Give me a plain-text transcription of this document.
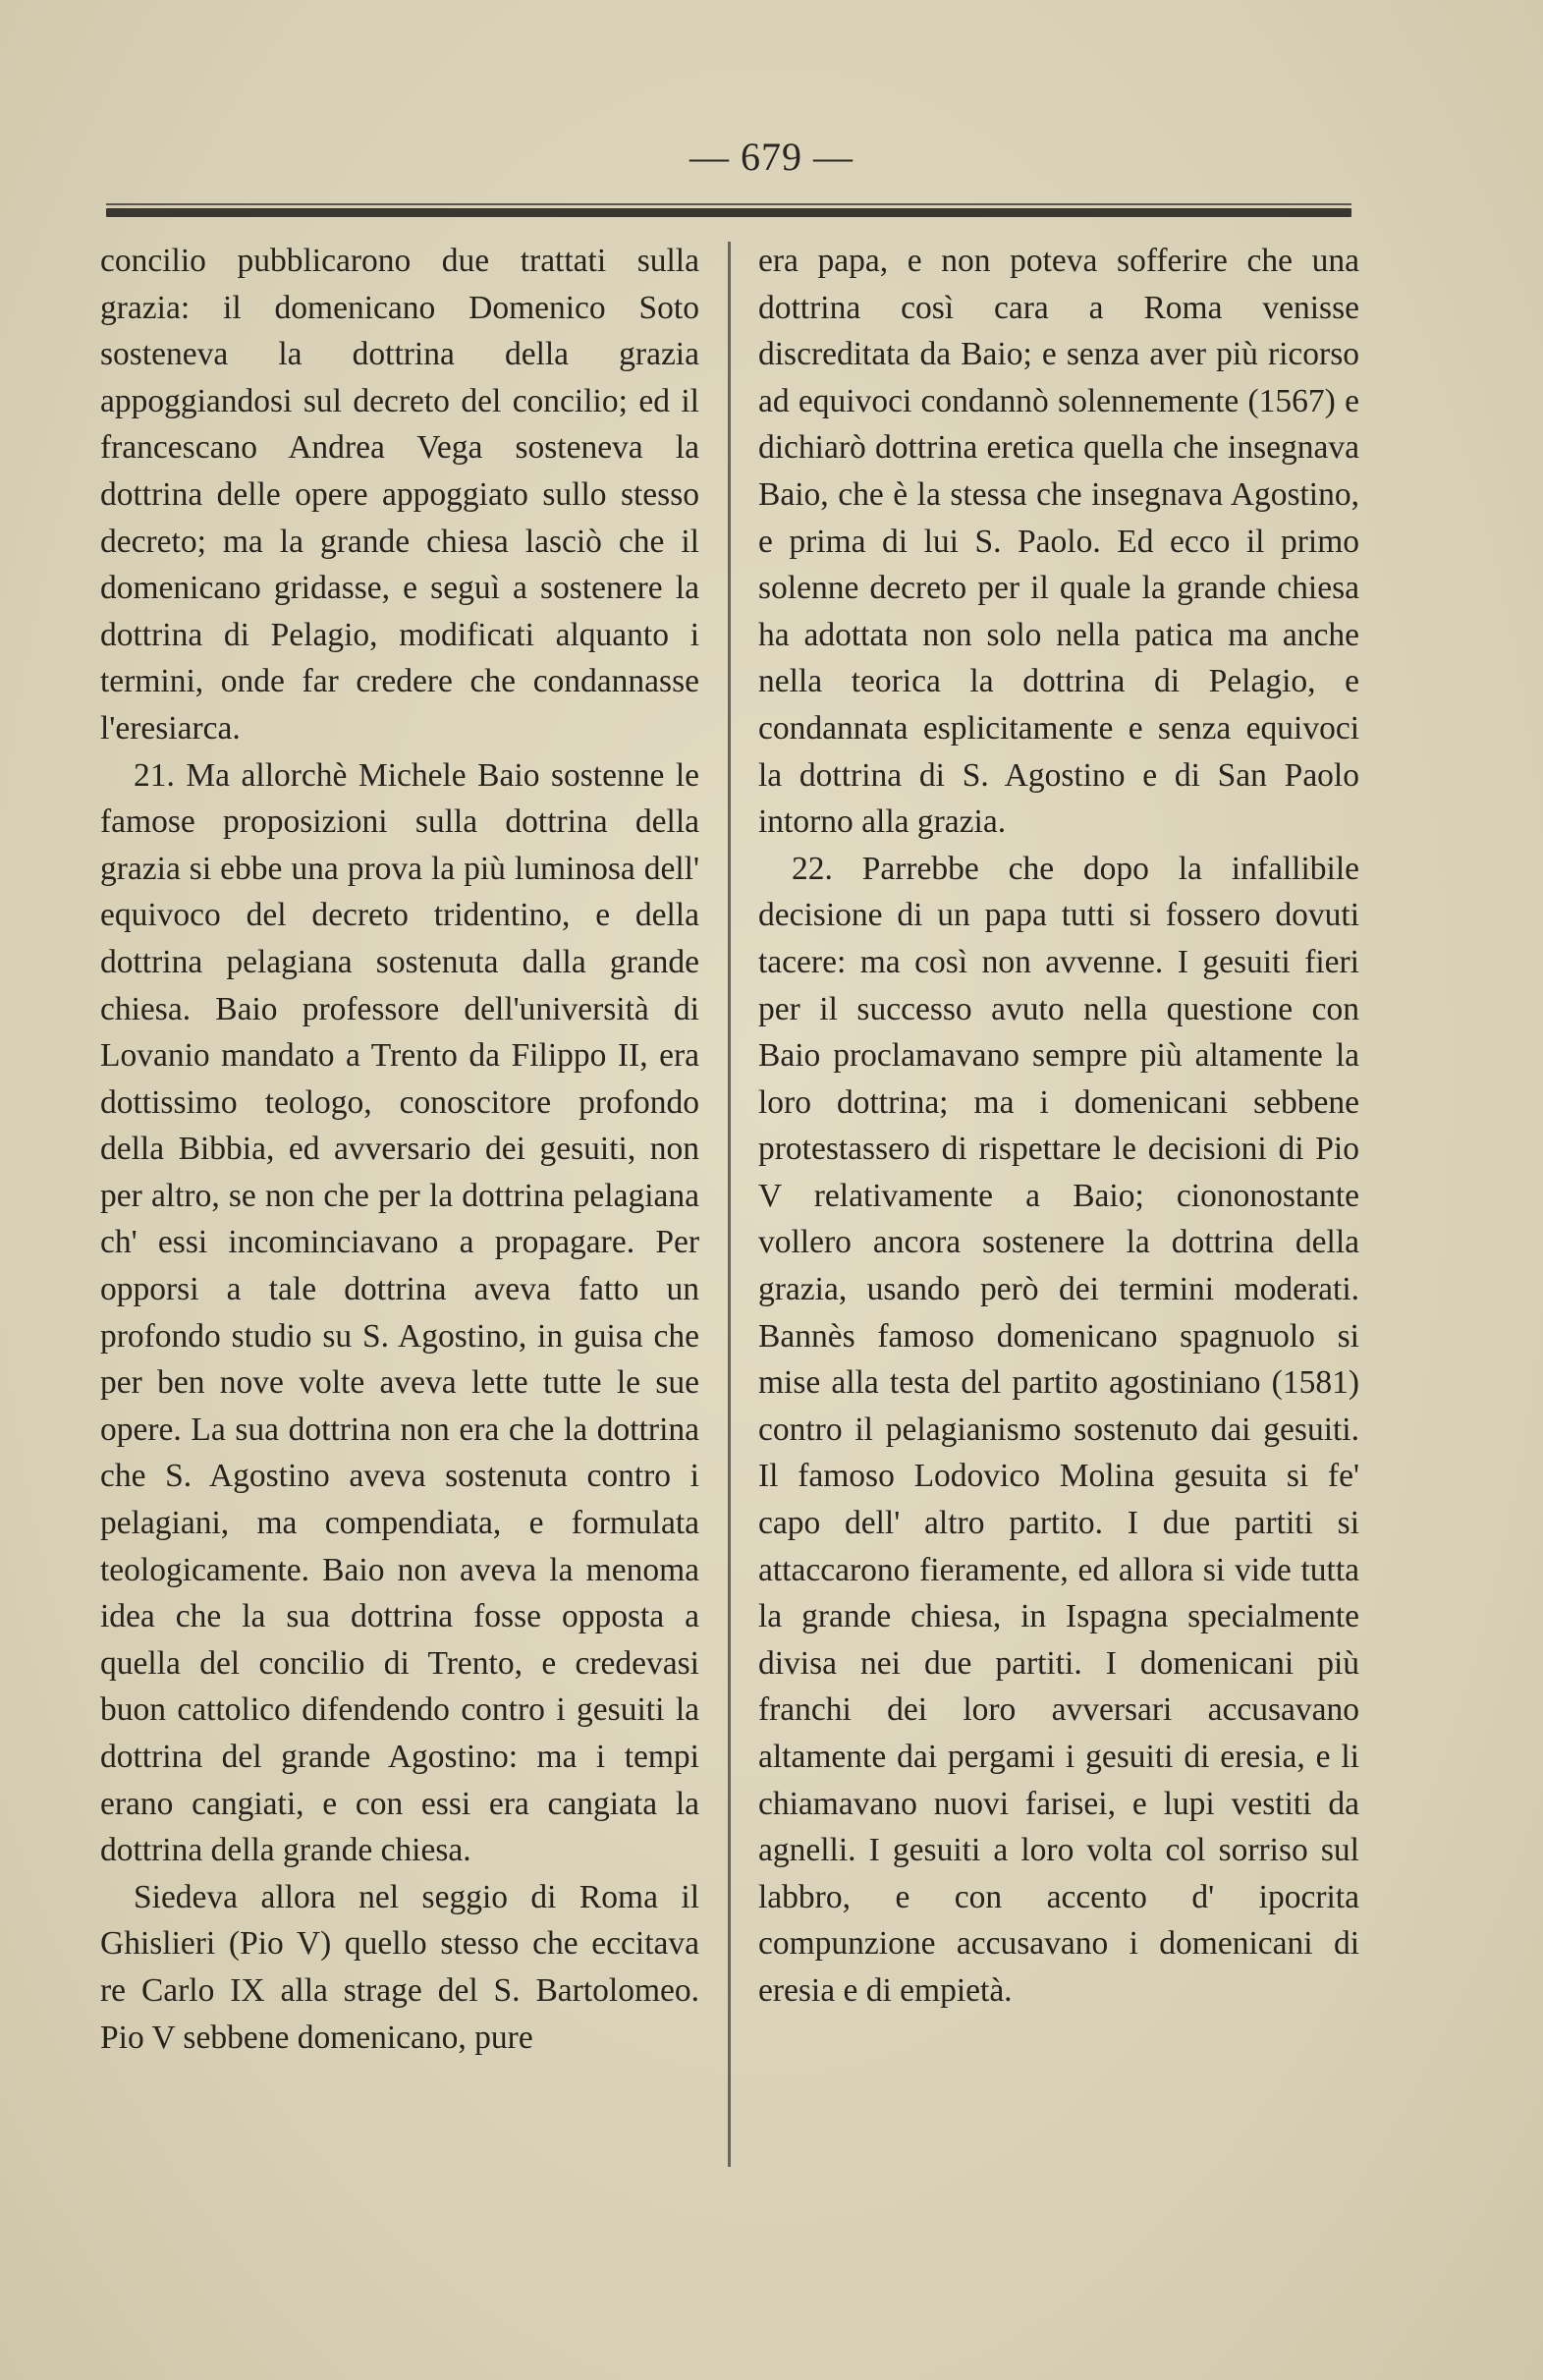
— 679 —

concilio pubblicarono due trattati sulla grazia: il domenicano Domenico Soto sosteneva la dottrina della grazia appoggiandosi sul decreto del concilio; ed il francescano Andrea Vega sosteneva la dottrina delle opere appoggiato sullo stesso decreto; ma la grande chiesa lasciò che il domenicano gridasse, e seguì a sostenere la dottrina di Pelagio, modificati alquanto i termini, onde far credere che condannasse l'eresiarca.

21. Ma allorchè Michele Baio sostenne le famose proposizioni sulla dottrina della grazia si ebbe una prova la più luminosa dell' equivoco del decreto tridentino, e della dottrina pelagiana sostenuta dalla grande chiesa. Baio professore dell'università di Lovanio mandato a Trento da Filippo II, era dottissimo teologo, conoscitore profondo della Bibbia, ed avversario dei gesuiti, non per altro, se non che per la dottrina pelagiana ch' essi incominciavano a propagare. Per opporsi a tale dottrina aveva fatto un profondo studio su S. Agostino, in guisa che per ben nove volte aveva lette tutte le sue opere. La sua dottrina non era che la dottrina che S. Agostino aveva sostenuta contro i pelagiani, ma compendiata, e formulata teologicamente. Baio non aveva la menoma idea che la sua dottrina fosse opposta a quella del concilio di Trento, e credevasi buon cattolico difendendo contro i gesuiti la dottrina del grande Agostino: ma i tempi erano cangiati, e con essi era cangiata la dottrina della grande chiesa.

Siedeva allora nel seggio di Roma il Ghislieri (Pio V) quello stesso che eccitava re Carlo IX alla strage del S. Bartolomeo. Pio V sebbene domenicano, pure

era papa, e non poteva sofferire che una dottrina così cara a Roma venisse discreditata da Baio; e senza aver più ricorso ad equivoci condannò solennemente (1567) e dichiarò dottrina eretica quella che insegnava Baio, che è la stessa che insegnava Agostino, e prima di lui S. Paolo. Ed ecco il primo solenne decreto per il quale la grande chiesa ha adottata non solo nella patica ma anche nella teorica la dottrina di Pelagio, e condannata esplicitamente e senza equivoci la dottrina di S. Agostino e di San Paolo intorno alla grazia.

22. Parrebbe che dopo la infallibile decisione di un papa tutti si fossero dovuti tacere: ma così non avvenne. I gesuiti fieri per il successo avuto nella questione con Baio proclamavano sempre più altamente la loro dottrina; ma i domenicani sebbene protestassero di rispettare le decisioni di Pio V relativamente a Baio; ciononostante vollero ancora sostenere la dottrina della grazia, usando però dei termini moderati. Bannès famoso domenicano spagnuolo si mise alla testa del partito agostiniano (1581) contro il pelagianismo sostenuto dai gesuiti. Il famoso Lodovico Molina gesuita si fe' capo dell' altro partito. I due partiti si attaccarono fieramente, ed allora si vide tutta la grande chiesa, in Ispagna specialmente divisa nei due partiti. I domenicani più franchi dei loro avversari accusavano altamente dai pergami i gesuiti di eresia, e li chiamavano nuovi farisei, e lupi vestiti da agnelli. I gesuiti a loro volta col sorriso sul labbro, e con accento d' ipocrita compunzione accusavano i domenicani di eresia e di empietà.
